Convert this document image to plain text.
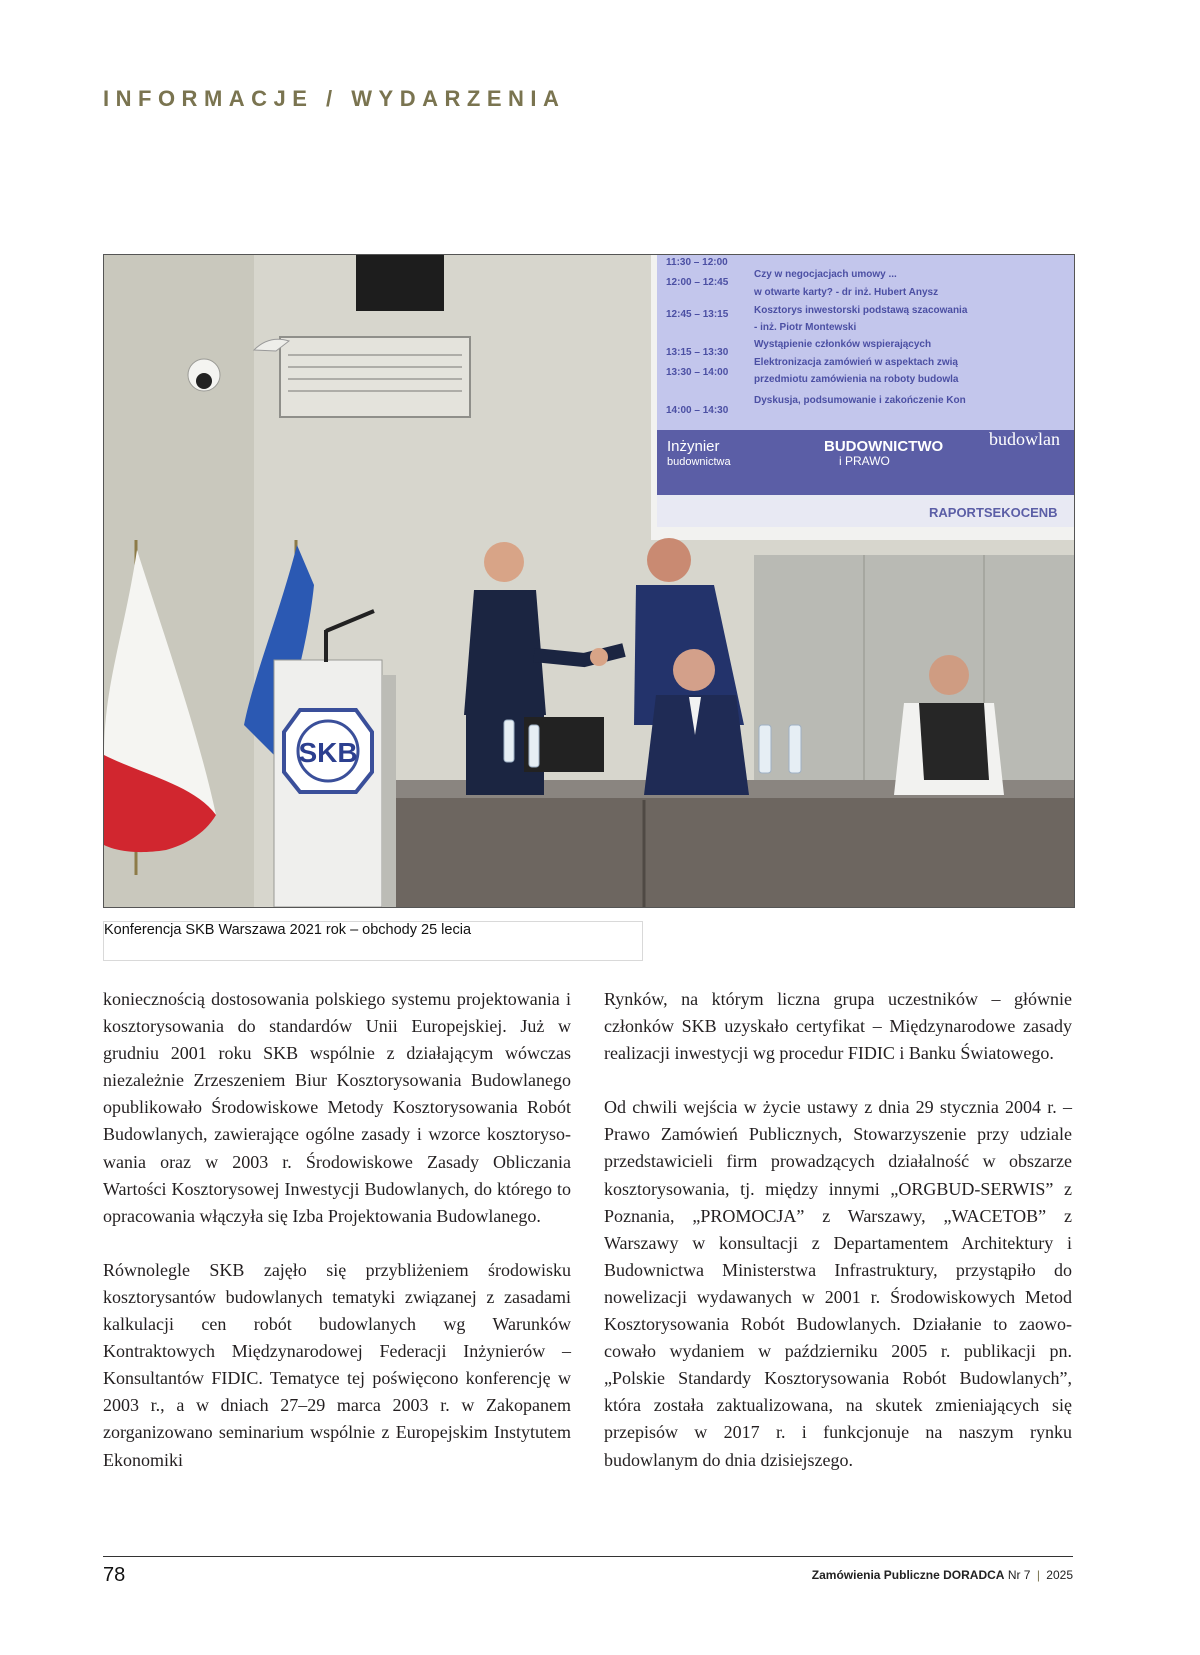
INFORMACJE / WYDARZENIA
11:30 – 12:00
12:00 – 12:45
Czy w negocjacjach umowy ...
w otwarte karty? - dr inż. Hubert Anysz
12:45 – 13:15	Kosztorys inwestorski podstawą szacowania
- inż. Piotr Montewski
13:15 – 13:30
Wystąpienie członków wspierających
13:30 – 14:00
Elektronizacja zamówień w aspektach zwią
przedmiotu zamówienia na roboty budowla
14:00 – 14:30
Dyskusja, podsumowanie i zakończenie Kon
Inżynier
budownictwa
BUDOWNICTWO
i PRAWO
budowlan
RAPORTSEKOCENB
SKB
Konferencja SKB Warszawa 2021 rok – obchody 25 lecia

koniecznością dostosowania polskiego systemu projektowania i kosztorysowania do standardów Unii Europejskiej. Już w grudniu 2001 roku SKB wspólnie z działającym wówczas niezależnie Zrzeszeniem Biur Kosztorysowania Budowlanego opublikowało Środowiskowe Metody Kosztorysowania Robót Budowlanych, zawierające ogólne zasady i wzorce kosztorysowania oraz w 2003 r. Środowiskowe Zasady Obliczania Wartości Kosztorysowej Inwestycji Budowlanych, do którego to opracowania włączyła się Izba Projektowania Budowlanego.

Równolegle SKB zajęło się przybliżeniem środowisku kosztorysantów budowlanych tematyki związanej z zasadami kalkulacji cen robót budowlanych wg Warunków Kontraktowych Międzynarodowej Federacji Inżynierów – Konsultantów FIDIC. Tematyce tej poświęcono konferencję w 2003 r., a w dniach 27–29 marca 2003 r. w Zakopanem zorganizowano seminarium wspólnie z Europejskim Instytutem Ekonomiki

Rynków, na którym liczna grupa uczestników – głównie członków SKB uzyskało certyfikat – Międzynarodowe zasady realizacji inwestycji wg procedur FIDIC i Banku Światowego.

Od chwili wejścia w życie ustawy z dnia 29 stycznia 2004 r. – Prawo Zamówień Publicznych, Stowarzyszenie przy udziale przedstawicieli firm prowadzących działalność w obszarze kosztorysowania, tj. między innymi „ORGBUD-SERWIS” z Poznania, „PROMOCJA” z Warszawy, „WACETOB” z Warszawy w konsultacji z Departamentem Architektury i Budownictwa Ministerstwa Infrastruktury, przystąpiło do nowelizacji wydawanych w 2001 r. Środowiskowych Metod Kosztorysowania Robót Budowlanych. Działanie to zaowocowało wydaniem w październiku 2005 r. publikacji pn. „Polskie Standardy Kosztorysowania Robót Budowlanych”, która została zaktualizowana, na skutek zmieniających się przepisów w 2017 r. i funkcjonuje na naszym rynku budowlanym do dnia dzisiejszego.

78	Zamówienia Publiczne DORADCA Nr 7 | 2025
